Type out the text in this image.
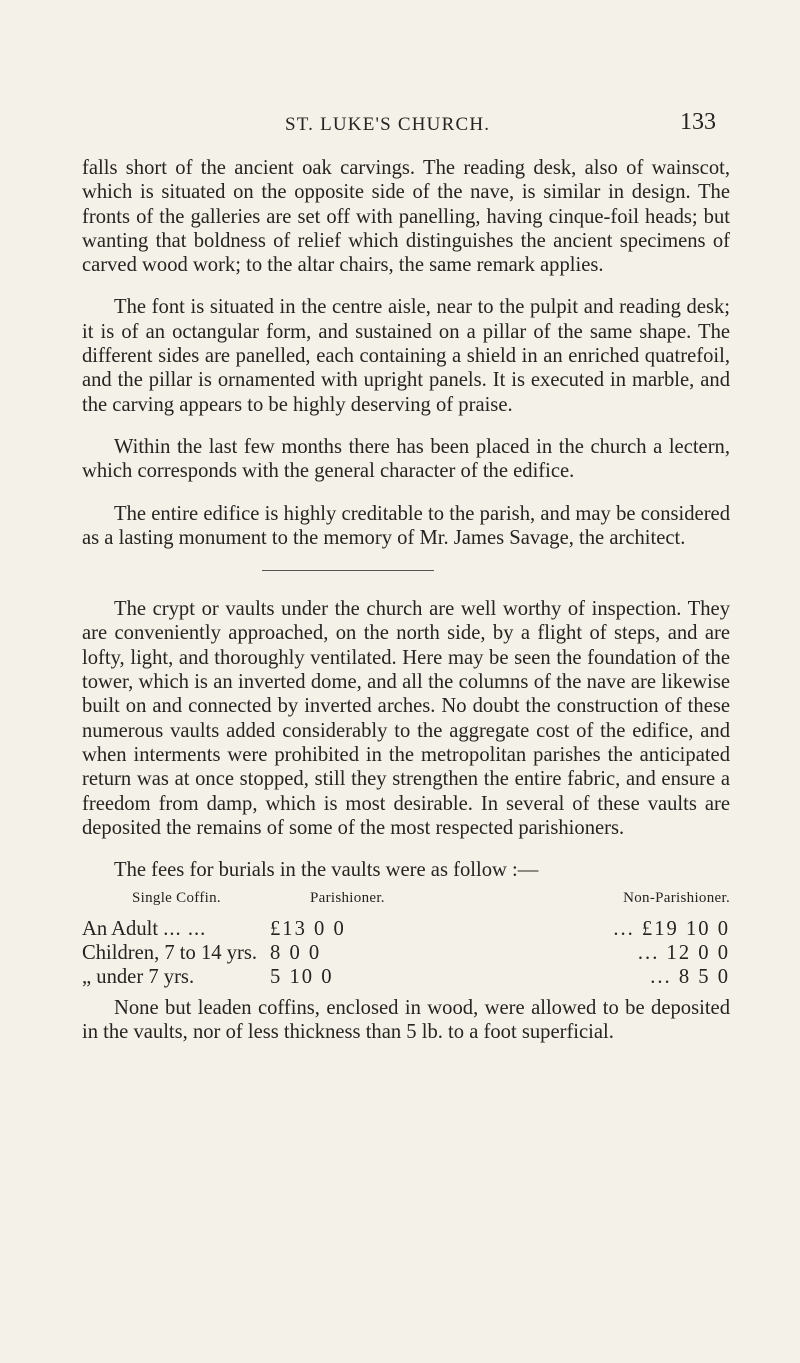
ST. LUKE'S CHURCH.	133

falls short of the ancient oak carvings. The reading desk, also of wainscot, which is situated on the opposite side of the nave, is similar in design. The fronts of the galleries are set off with panelling, having cinque-foil heads; but wanting that boldness of relief which distinguishes the ancient specimens of carved wood work; to the altar chairs, the same remark applies.

The font is situated in the centre aisle, near to the pulpit and reading desk; it is of an octangular form, and sustained on a pillar of the same shape. The different sides are panelled, each containing a shield in an enriched quatrefoil, and the pillar is ornamented with upright panels. It is executed in marble, and the carving appears to be highly deserving of praise.

Within the last few months there has been placed in the church a lectern, which corresponds with the general character of the edifice.

The entire edifice is highly creditable to the parish, and may be considered as a lasting monument to the memory of Mr. James Savage, the architect.

The crypt or vaults under the church are well worthy of inspection. They are conveniently approached, on the north side, by a flight of steps, and are lofty, light, and thoroughly ventilated. Here may be seen the foundation of the tower, which is an inverted dome, and all the columns of the nave are likewise built on and connected by inverted arches. No doubt the construction of these numerous vaults added considerably to the aggregate cost of the edifice, and when interments were prohibited in the metropolitan parishes the anticipated return was at once stopped, still they strengthen the entire fabric, and ensure a freedom from damp, which is most desirable. In several of these vaults are deposited the remains of some of the most respected parishioners.

The fees for burials in the vaults were as follow :—

Single Coffin.	Parishioner.	Non-Parishioner.
An Adult ... ...	£13 0 0	... £19 10 0
Children, 7 to 14 yrs.	8 0 0	... 12 0 0
„ under 7 yrs.	5 10 0	... 8 5 0

None but leaden coffins, enclosed in wood, were allowed to be deposited in the vaults, nor of less thickness than 5 lb. to a foot superficial.
